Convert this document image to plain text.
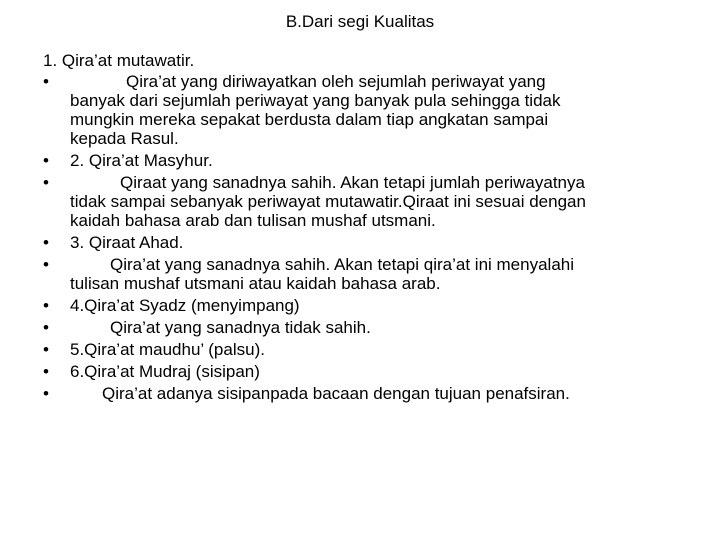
B.Dari segi Kualitas
1. Qira’at mutawatir.
•	Qira’at yang diriwayatkan oleh sejumlah periwayat yang
banyak dari sejumlah periwayat yang banyak pula sehingga tidak
mungkin mereka sepakat berdusta dalam tiap angkatan sampai
kepada Rasul.
• 2. Qira’at Masyhur.
•	Qiraat yang sanadnya sahih. Akan tetapi jumlah periwayatnya
tidak sampai sebanyak periwayat mutawatir.Qiraat ini sesuai dengan
kaidah bahasa arab dan tulisan mushaf utsmani.
• 3. Qiraat Ahad.
•	Qira’at yang sanadnya sahih. Akan tetapi qira’at ini menyalahi
tulisan mushaf utsmani atau kaidah bahasa arab.
• 4.Qira’at Syadz (menyimpang)
•	Qira’at yang sanadnya tidak sahih.
• 5.Qira’at maudhu’ (palsu).
• 6.Qira’at Mudraj (sisipan)
•	Qira’at adanya sisipanpada bacaan dengan tujuan penafsiran.
